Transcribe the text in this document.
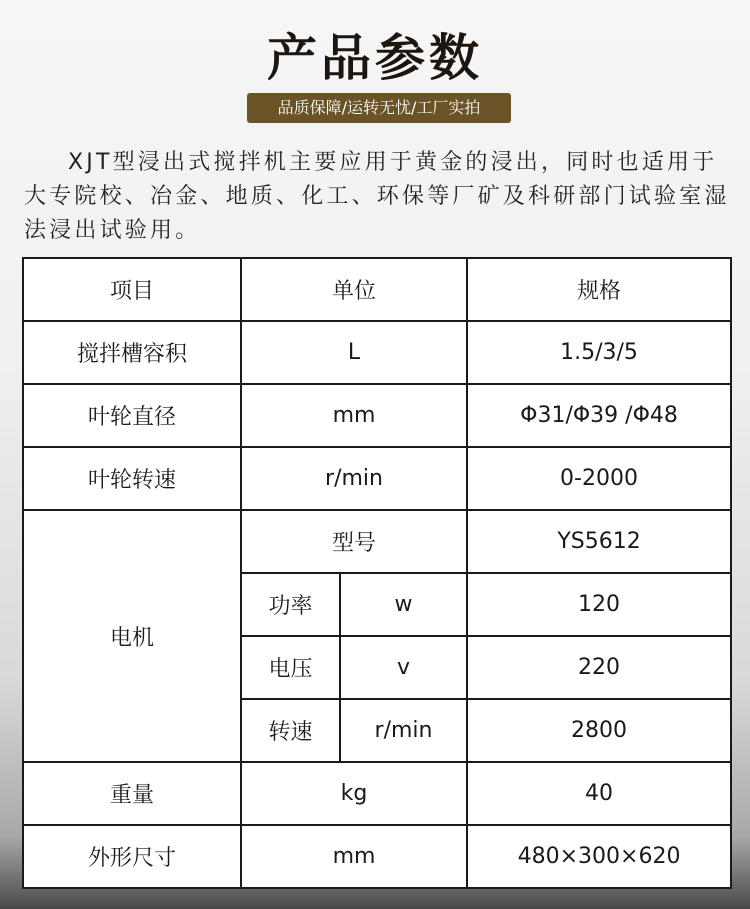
产品参数
品质保障/运转无忧/工厂实拍
XJT型浸出式搅拌机主要应用于黄金的浸出，同时也适用于大专院校、冶金、地质、化工、环保等厂矿及科研部门试验室湿法浸出试验用。
项目	单位		规格
搅拌槽容积	L		1.5/3/5
叶轮直径	mm		Φ31/Φ39 /Φ48
叶轮转速	r/min		0-2000
电机	型号		YS5612
	功率	w	120
	电压	v	220
	转速	r/min	2800
重量	kg		40
外形尺寸	mm		480×300×620
